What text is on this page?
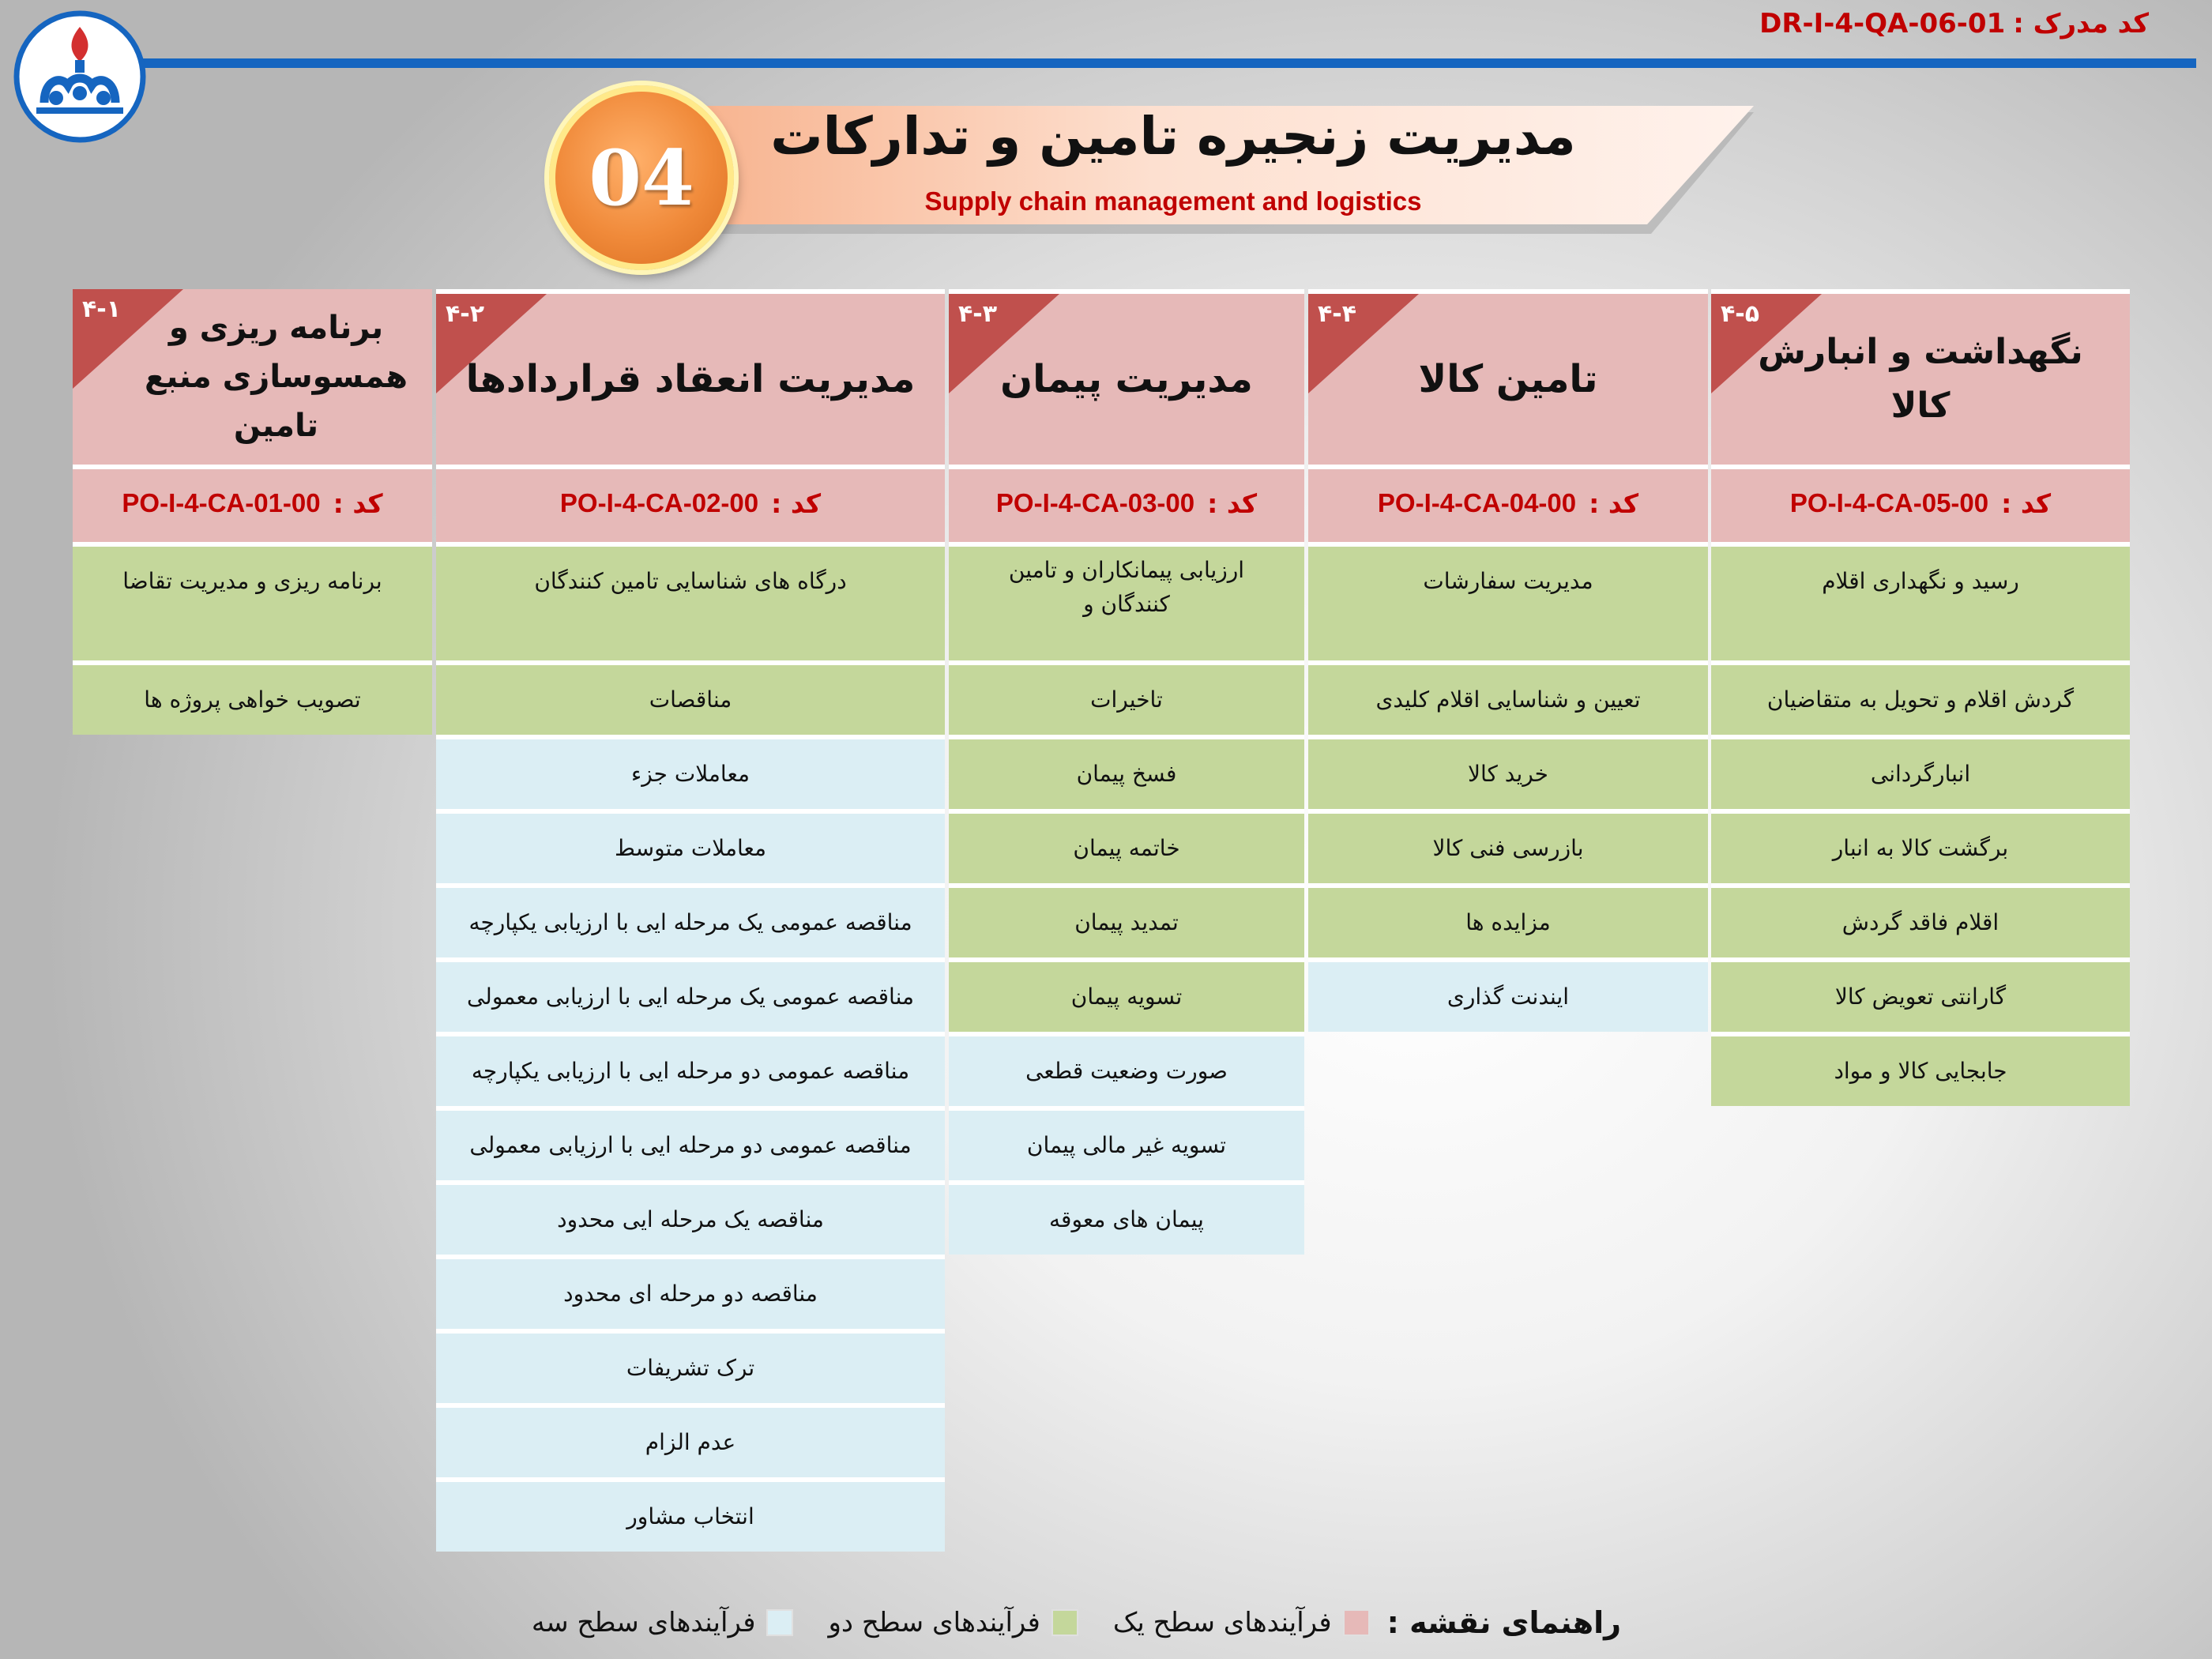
کد مدرک :DR-I-4-QA-06-01
04 مدیریت زنجیره تامین و تدارکات
Supply chain management and logistics
۴-۵
نگهداشت و انبارش کالا
کد :
PO-I-4-CA-05-00
رسید و نگهداری اقلام
گردش اقلام و تحویل به متقاضیان
انبارگردانی
برگشت کالا به انبار
اقلام فاقد گردش
گارانتی تعویض کالا
جابجایی کالا و مواد
۴-۴
تامین کالا
کد :
PO-I-4-CA-04-00
مدیریت سفارشات
تعیین و شناسایی اقلام کلیدی
خرید کالا
بازرسی فنی کالا
مزایده ها
ایندنت گذاری
۴-۳
مدیریت پیمان
کد :
PO-I-4-CA-03-00
ارزیابی پیمانکاران و تامین کنندگان و
تاخیرات
فسخ پیمان
خاتمه پیمان
تمدید پیمان
تسویه پیمان
صورت وضعیت قطعی
تسویه غیر مالی پیمان
پیمان های معوقه
۴-۲
مدیریت انعقاد قراردادها
کد :
PO-I-4-CA-02-00
درگاه های شناسایی تامین کنندگان
مناقصات
معاملات جزء
معاملات متوسط
مناقصه عمومی یک مرحله ایی با ارزیابی یکپارچه
مناقصه عمومی یک مرحله ایی با ارزیابی معمولی
مناقصه عمومی دو مرحله ایی با ارزیابی یکپارچه
مناقصه عمومی دو مرحله ایی با ارزیابی معمولی
مناقصه یک مرحله ایی محدود
مناقصه دو مرحله ای محدود
ترک تشریفات
عدم الزام
انتخاب مشاور
۴-۱
برنامه ریزی و همسوسازی منبع تامین
کد :
PO-I-4-CA-01-00
برنامه ریزی و مدیریت تقاضا
تصویب خواهی پروژه ها
راهنمای نقشه :
فرآیندهای سطح یک
فرآیندهای سطح دو
فرآیندهای سطح سه
